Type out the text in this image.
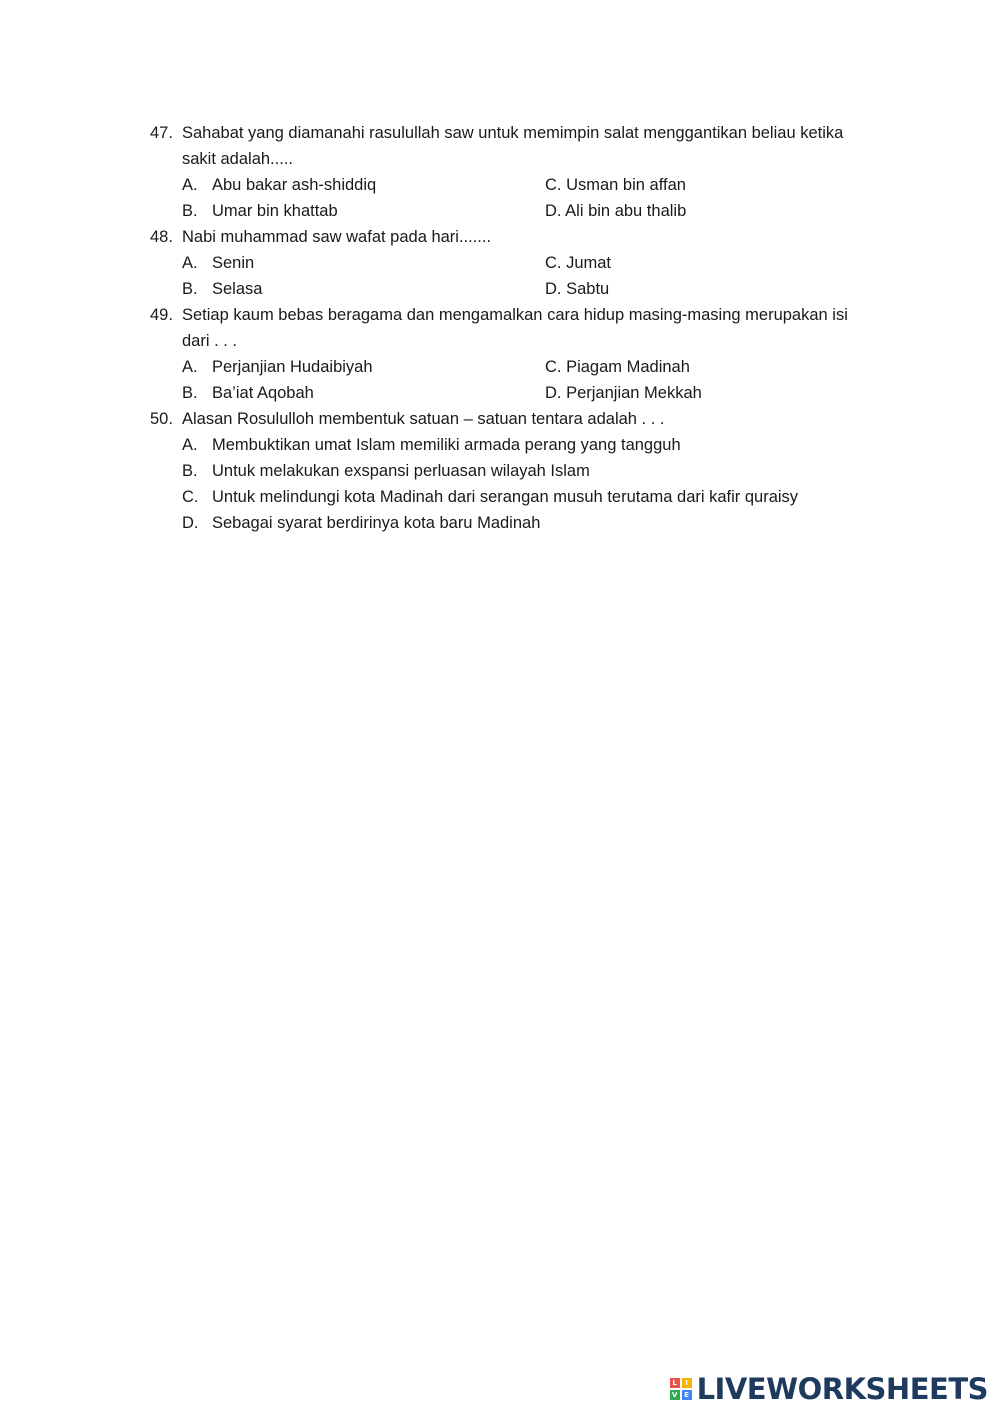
47. Sahabat yang diamanahi rasulullah saw untuk memimpin salat menggantikan beliau ketika sakit adalah.....
A. Abu bakar ash-shiddiq	C. Usman bin affan
B. Umar bin khattab	D. Ali bin abu thalib
48. Nabi muhammad saw wafat pada hari.......
A. Senin	C. Jumat
B. Selasa	D. Sabtu
49. Setiap kaum bebas beragama dan mengamalkan cara hidup masing-masing merupakan isi dari . . .
A. Perjanjian Hudaibiyah	C. Piagam Madinah
B. Ba’iat Aqobah	D. Perjanjian Mekkah
50. Alasan Rosululloh membentuk satuan – satuan tentara adalah . . .
A. Membuktikan umat Islam memiliki armada perang yang tangguh
B. Untuk melakukan exspansi perluasan wilayah Islam
C. Untuk melindungi kota Madinah dari serangan musuh terutama dari kafir quraisy
D. Sebagai syarat berdirinya kota baru Madinah
L	I
V E LIVEWORKSHEETS
